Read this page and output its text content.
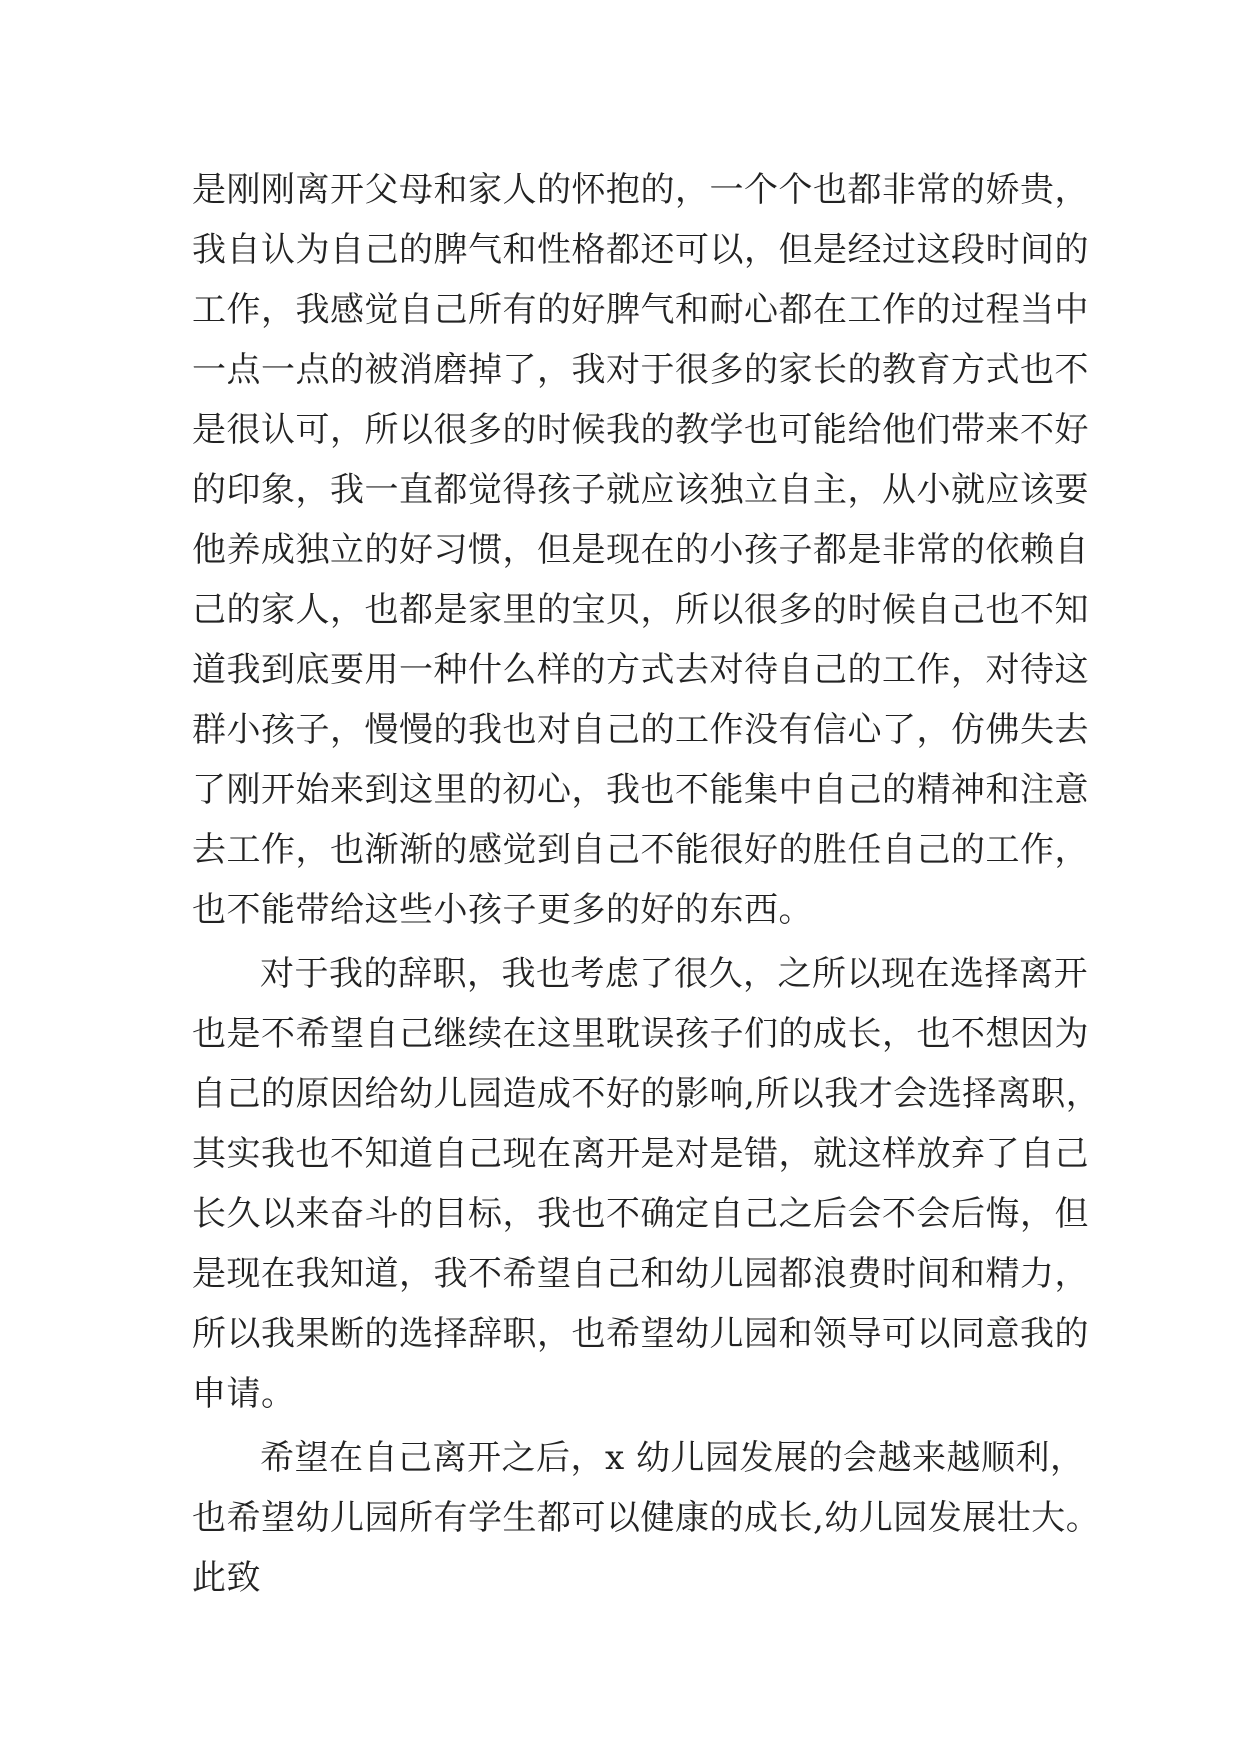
是刚刚离开父母和家人的怀抱的，一个个也都非常的娇贵，
我自认为自己的脾气和性格都还可以，但是经过这段时间的
工作，我感觉自己所有的好脾气和耐心都在工作的过程当中
一点一点的被消磨掉了，我对于很多的家长的教育方式也不
是很认可，所以很多的时候我的教学也可能给他们带来不好
的印象，我一直都觉得孩子就应该独立自主，从小就应该要
他养成独立的好习惯，但是现在的小孩子都是非常的依赖自
己的家人，也都是家里的宝贝，所以很多的时候自己也不知
道我到底要用一种什么样的方式去对待自己的工作，对待这
群小孩子，慢慢的我也对自己的工作没有信心了，仿佛失去
了刚开始来到这里的初心，我也不能集中自己的精神和注意
去工作，也渐渐的感觉到自己不能很好的胜任自己的工作，
也不能带给这些小孩子更多的好的东西。
对于我的辞职，我也考虑了很久，之所以现在选择离开
也是不希望自己继续在这里耽误孩子们的成长，也不想因为
自己的原因给幼儿园造成不好的影响,所以我才会选择离职，
其实我也不知道自己现在离开是对是错，就这样放弃了自己
长久以来奋斗的目标，我也不确定自己之后会不会后悔，但
是现在我知道，我不希望自己和幼儿园都浪费时间和精力，
所以我果断的选择辞职，也希望幼儿园和领导可以同意我的
申请。
希望在自己离开之后，x 幼儿园发展的会越来越顺利，
也希望幼儿园所有学生都可以健康的成长,幼儿园发展壮大。
此致
